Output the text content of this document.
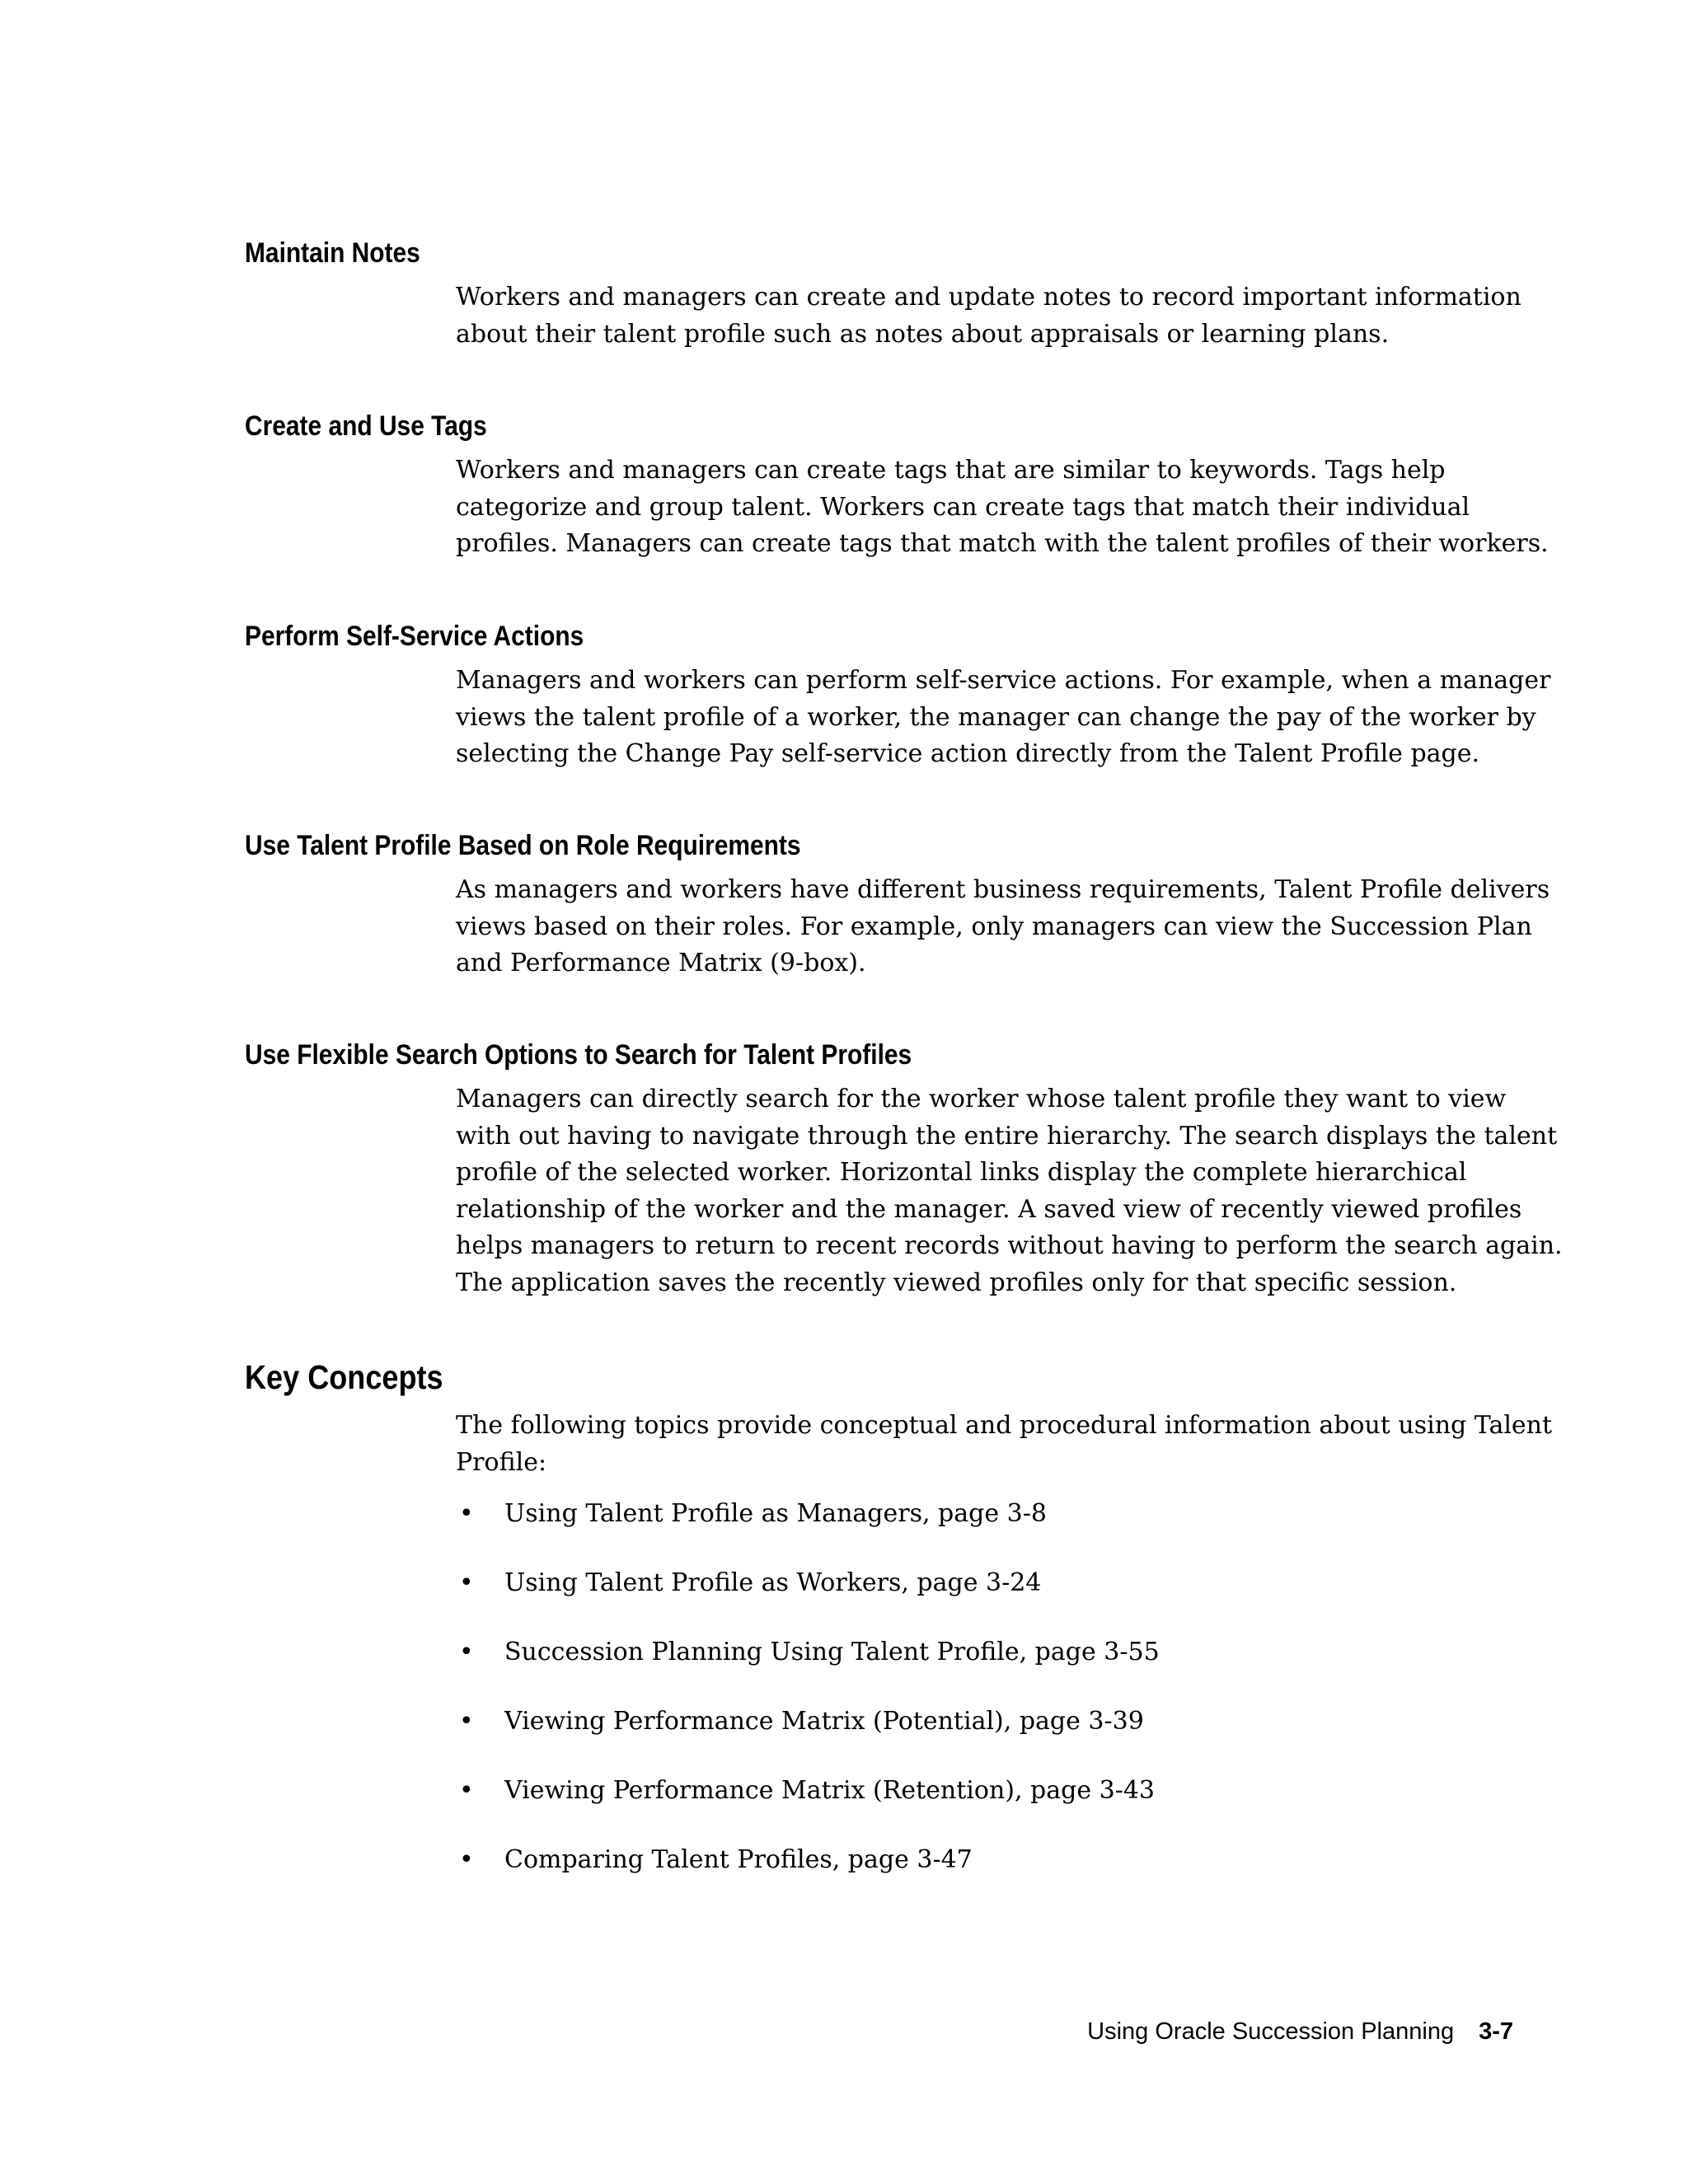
Maintain Notes

Workers and managers can create and update notes to record important information
about their talent profile such as notes about appraisals or learning plans.

Create and Use Tags

Workers and managers can create tags that are similar to keywords. Tags help
categorize and group talent. Workers can create tags that match their individual
profiles. Managers can create tags that match with the talent profiles of their workers.

Perform Self-Service Actions

Managers and workers can perform self-service actions. For example, when a manager
views the talent profile of a worker, the manager can change the pay of the worker by
selecting the Change Pay self-service action directly from the Talent Profile page.

Use Talent Profile Based on Role Requirements

As managers and workers have different business requirements, Talent Profile delivers
views based on their roles. For example, only managers can view the Succession Plan
and Performance Matrix (9-box).

Use Flexible Search Options to Search for Talent Profiles

Managers can directly search for the worker whose talent profile they want to view
with out having to navigate through the entire hierarchy. The search displays the talent
profile of the selected worker. Horizontal links display the complete hierarchical
relationship of the worker and the manager. A saved view of recently viewed profiles
helps managers to return to recent records without having to perform the search again.
The application saves the recently viewed profiles only for that specific session.

Key Concepts

The following topics provide conceptual and procedural information about using Talent
Profile:

• Using Talent Profile as Managers, page 3-8
• Using Talent Profile as Workers, page 3-24
• Succession Planning Using Talent Profile, page 3-55
• Viewing Performance Matrix (Potential), page 3-39
• Viewing Performance Matrix (Retention), page 3-43
• Comparing Talent Profiles, page 3-47
Using Oracle Succession Planning 3-7
